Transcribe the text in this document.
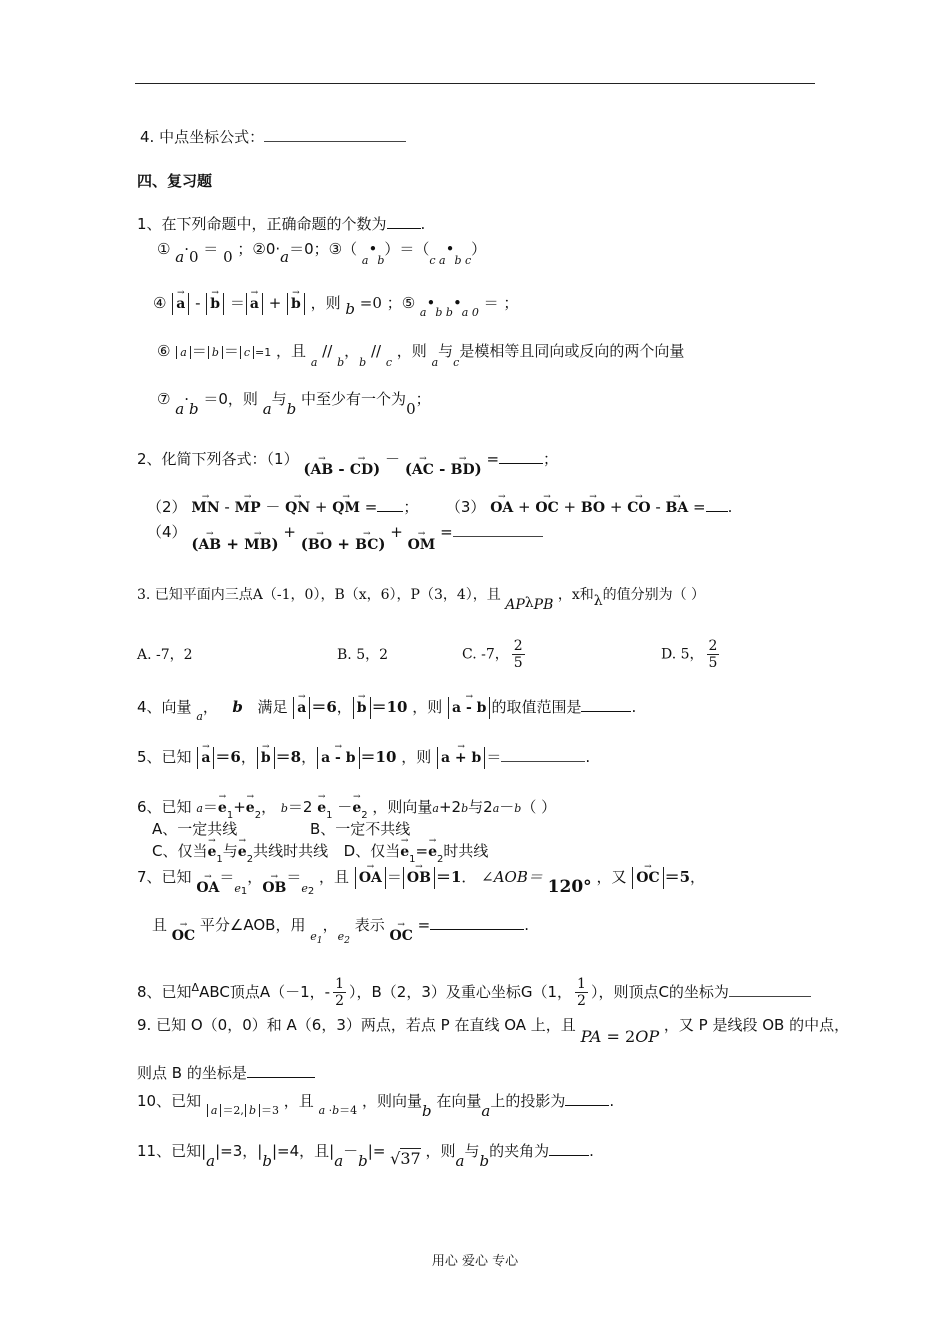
4. 中点坐标公式：
四、复习题
1、在下列命题中，正确命题的个数为 .
① a·0 ＝ 0 ；②0·a＝0；③（ $_a•_b)=(_{c a}•_{b c})$
④ → a - → b ＝ → a + → b ，则 b =0 ；⑤ $_a•_{b b}•_{a 0}$ ＝ ；
⑥ a ＝ b ＝ c =1 ，且 $_a$ // $_b$，$_b$ // $_c$ ，则 $_a$与$_c$是模相等且同向或反向的两个向量
⑦ a·b ＝0，则 a与b 中至少有一个为0；
2、化简下列各式：（1） (→ AB - → CD) － (→ AC - → BD) =	；
（2） → MN - → MP － → QN + → QM = ；  （3） → OA + → OC + → BO + → CO - → BA = .
（4） (→ AB + → MB) + (→ BO + → BC) + → OM =
3. 已知平面内三点A（-1，0），B（x，6），P（3，4），且 APλPB ，x和λ的值分别为（ ）
A. -7，2	B. 5，2	C. -7， $\frac{2}{5}$	D. 5， $\frac{2}{5}$
4、向量 $_a$， b 满足 → a ＝6， → b ＝10 ，则 → a - b 的取值范围是	.
5、已知 → a ＝6， → b ＝8， → a - b ＝10 ，则 → a + b ＝	.
6、已知 $a=\to e_1+\to e_2$， $b=2 \to e_1 -\to e_2$ ，则向量a+2b与2a－b（ ）
A、一定共线	B、一定不共线
C、仅当→ $e_1$与→ $e_2$共线时共线 D、仅当→ $e_1=\to e_2$时共线
7、已知 → $OA=_{e1}$，→ $OB=_{e2}$ ，且 → OA ＝ → OB ＝1． ∠AOB＝ 120° ，又 → OC ＝5，
且 → OC 平分∠AOB，用 $_{e_1}$，$_{e_2}$ 表示 → OC =	.
8、已知$^\Delta$ABC顶点A（－1，- $\frac{1}{2}$ ），B（2，3）及重心坐标G（1， $\frac{1}{2}$ ），则顶点C的坐标为
9. 已知 O（0，0）和 A（6，3）两点，若点 P 在直线 OA 上，且 PA = 2OP ，又 P 是线段 OB 的中点，
则点 B 的坐标是
10、已知 $_a$ $_{=2,}$ $_b$ $_{=3}$ ，且 $_a$ $_{\cdot b=4}$ ，则向量b 在向量a上的投影为	.
11、已知|a|=3，|b|=4，且|a－b|= √37 ，则a与b的夹角为	.
用心 爱心 专心
